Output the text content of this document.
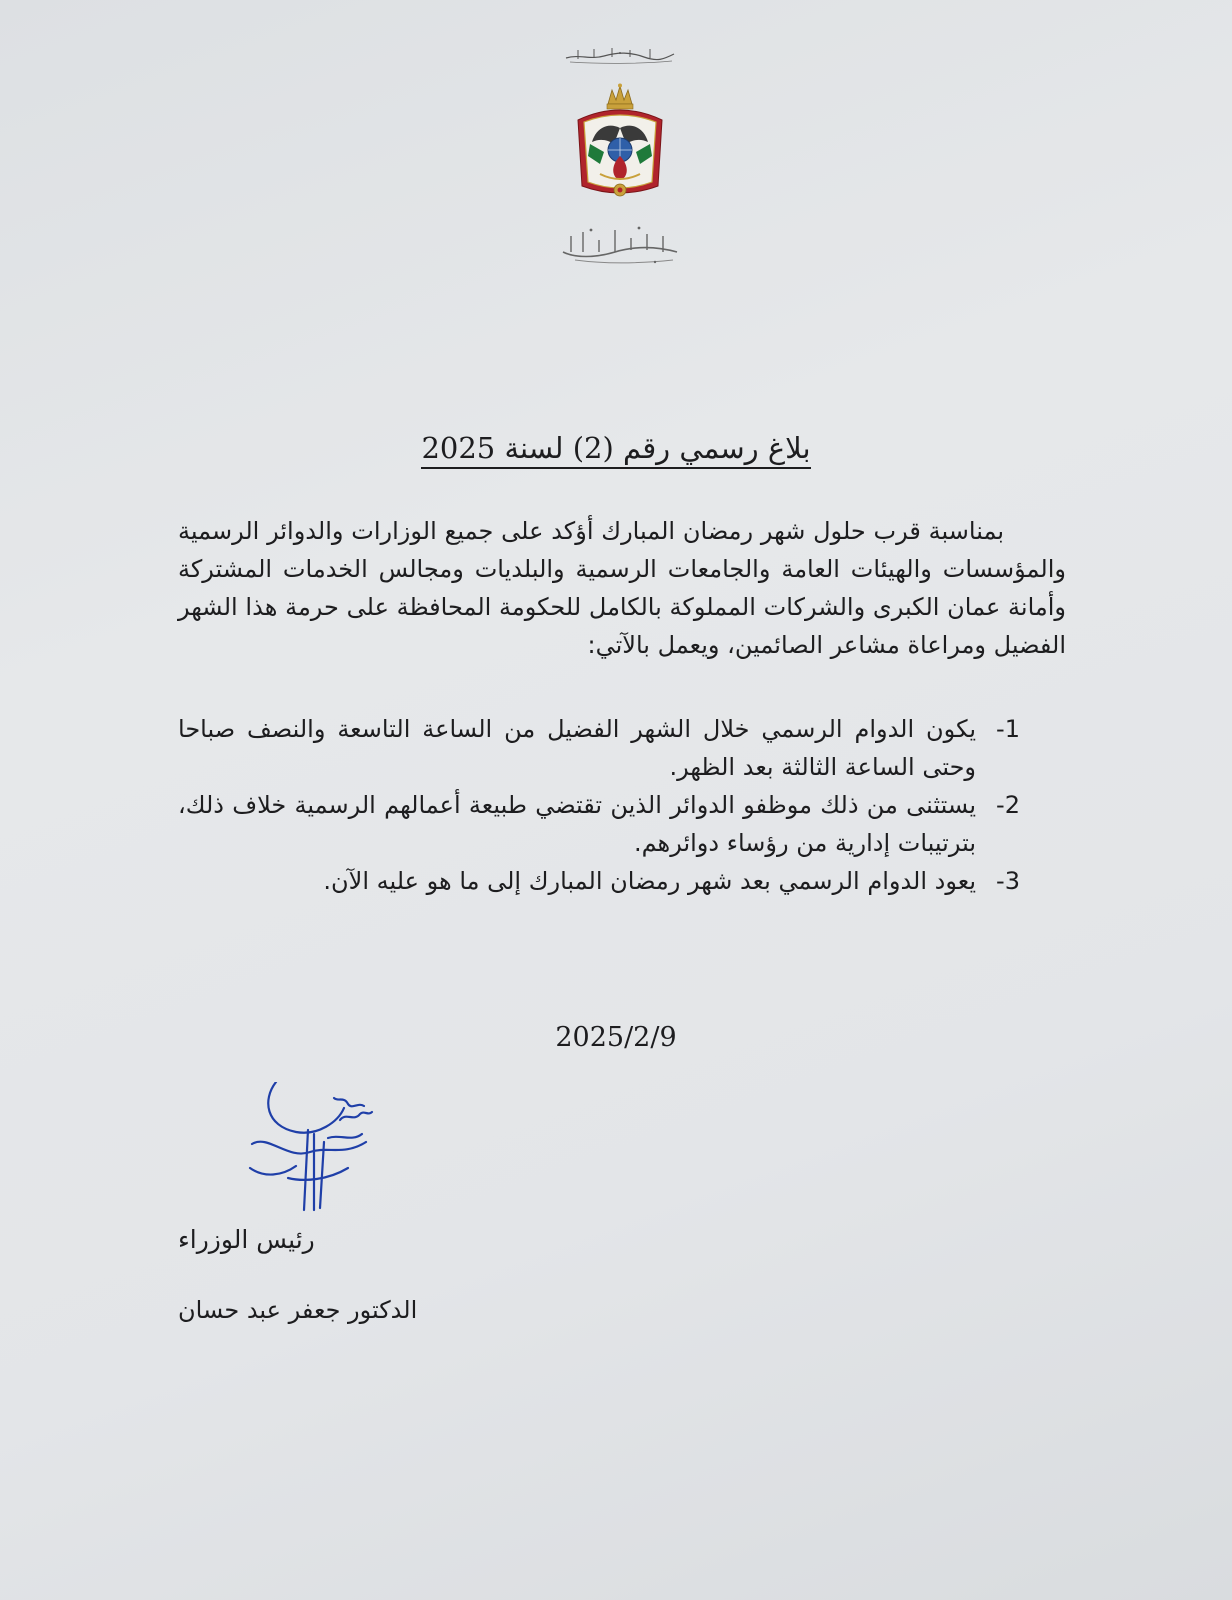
بلاغ رسمي رقم (2) لسنة 2025

بمناسبة قرب حلول شهر رمضان المبارك أؤكد على جميع الوزارات والدوائر الرسمية والمؤسسات والهيئات العامة والجامعات الرسمية والبلديات ومجالس الخدمات المشتركة وأمانة عمان الكبرى والشركات المملوكة بالكامل للحكومة المحافظة على حرمة هذا الشهر الفضيل ومراعاة مشاعر الصائمين، ويعمل بالآتي:

1-
يكون الدوام الرسمي خلال الشهر الفضيل من الساعة التاسعة والنصف صباحا وحتى الساعة الثالثة بعد الظهر.
2-
يستثنى من ذلك موظفو الدوائر الذين تقتضي طبيعة أعمالهم الرسمية خلاف ذلك، بترتيبات إدارية من رؤساء دوائرهم.
3-
يعود الدوام الرسمي بعد شهر رمضان المبارك إلى ما هو عليه الآن.
2025/2/9
رئيس الوزراء
الدكتور جعفر عبد حسان
